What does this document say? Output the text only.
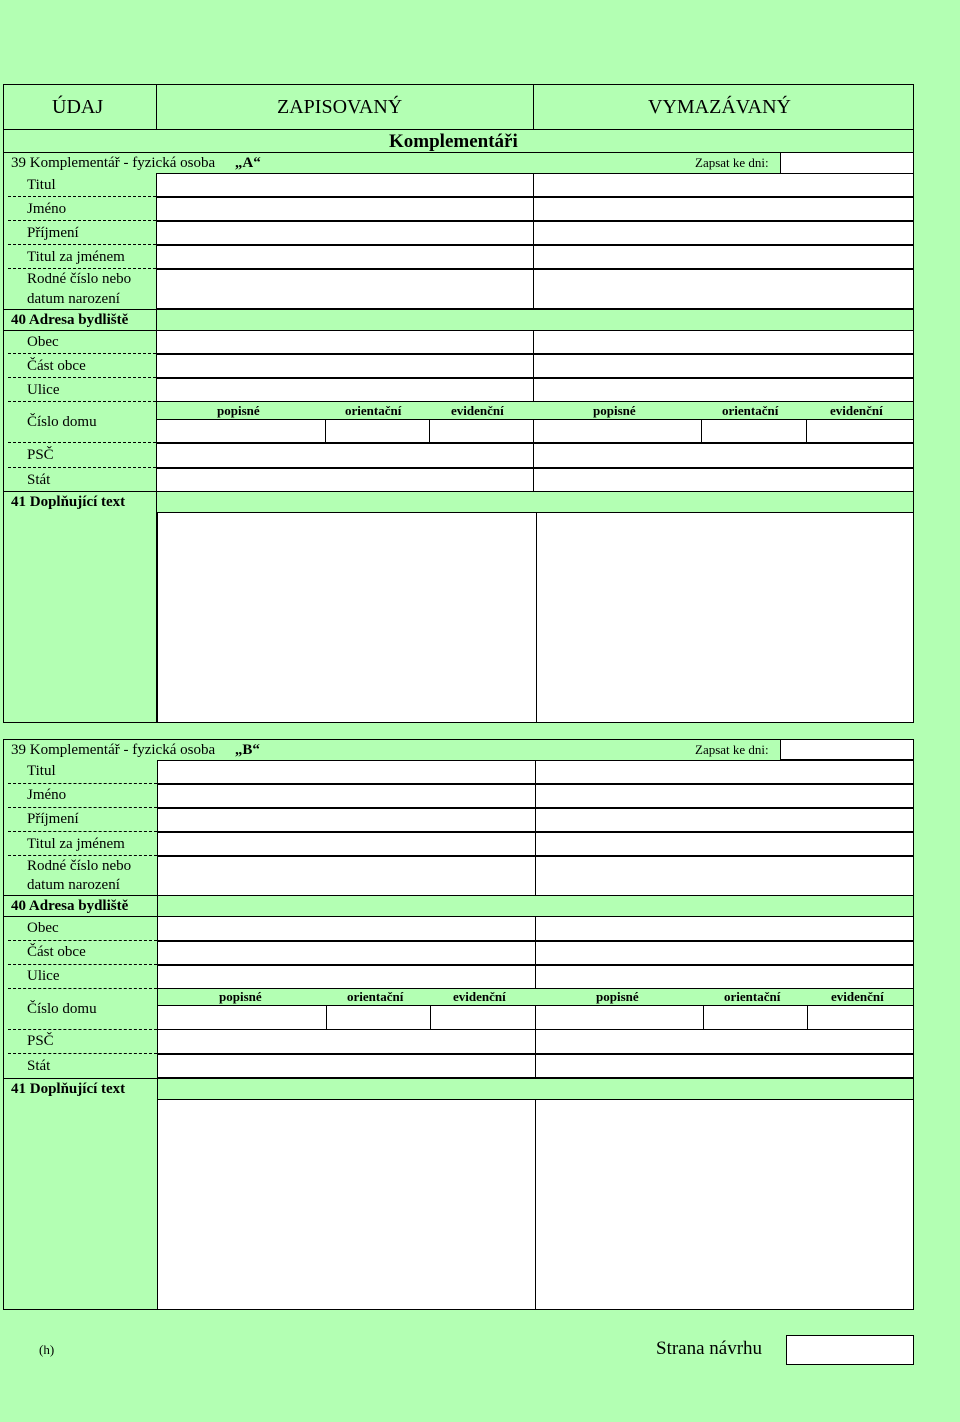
ÚDAJ	ZAPISOVANÝ	VYMAZÁVANÝ
Komplementáři
39 Komplementář - fyzická osoba „A“	Zapsat ke dni:
Titul
Jméno
Příjmení
Titul za jménem
Rodné číslo nebo
datum narození
40 Adresa bydliště
Obec
Část obce
Ulice
Číslo domu
popisné	orientační	evidenční	popisné	orientační	evidenční
PSČ
Stát
41 Doplňující text
39 Komplementář - fyzická osoba „B“	Zapsat ke dni:
Titul
Jméno
Příjmení
Titul za jménem
Rodné číslo nebo
datum narození
40 Adresa bydliště
Obec
Část obce
Ulice
Číslo domu
popisné	orientační	evidenční	popisné	orientační	evidenční
PSČ
Stát
41 Doplňující text
(h)	Strana návrhu
